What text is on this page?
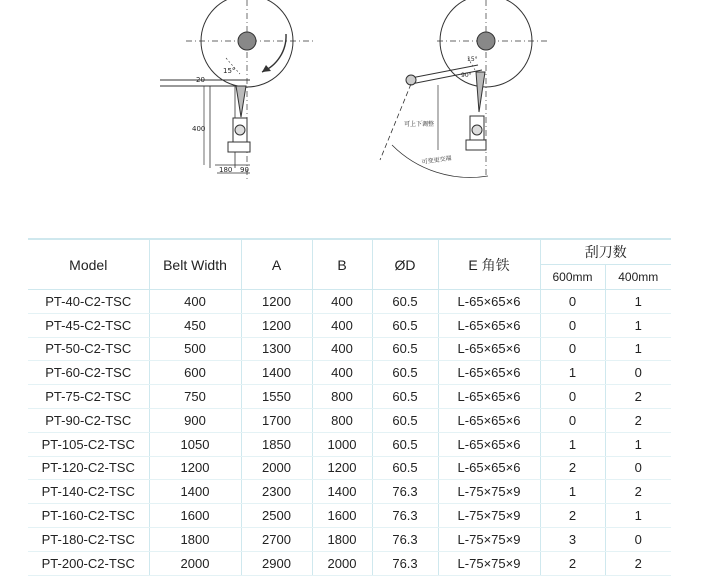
20
400
180 90
15°
15°
90°
可上下调整
可变更交端
Model	Belt Width	A	B	ØD	E 角铁	刮刀数	
						600mm	400mm
PT-40-C2-TSC	400	1200	400	60.5	L-65×65×6	0	1
PT-45-C2-TSC	450	1200	400	60.5	L-65×65×6	0	1
PT-50-C2-TSC	500	1300	400	60.5	L-65×65×6	0	1
PT-60-C2-TSC	600	1400	400	60.5	L-65×65×6	1	0
PT-75-C2-TSC	750	1550	800	60.5	L-65×65×6	0	2
PT-90-C2-TSC	900	1700	800	60.5	L-65×65×6	0	2
PT-105-C2-TSC	1050	1850	1000	60.5	L-65×65×6	1	1
PT-120-C2-TSC	1200	2000	1200	60.5	L-65×65×6	2	0
PT-140-C2-TSC	1400	2300	1400	76.3	L-75×75×9	1	2
PT-160-C2-TSC	1600	2500	1600	76.3	L-75×75×9	2	1
PT-180-C2-TSC	1800	2700	1800	76.3	L-75×75×9	3	0
PT-200-C2-TSC	2000	2900	2000	76.3	L-75×75×9	2	2
